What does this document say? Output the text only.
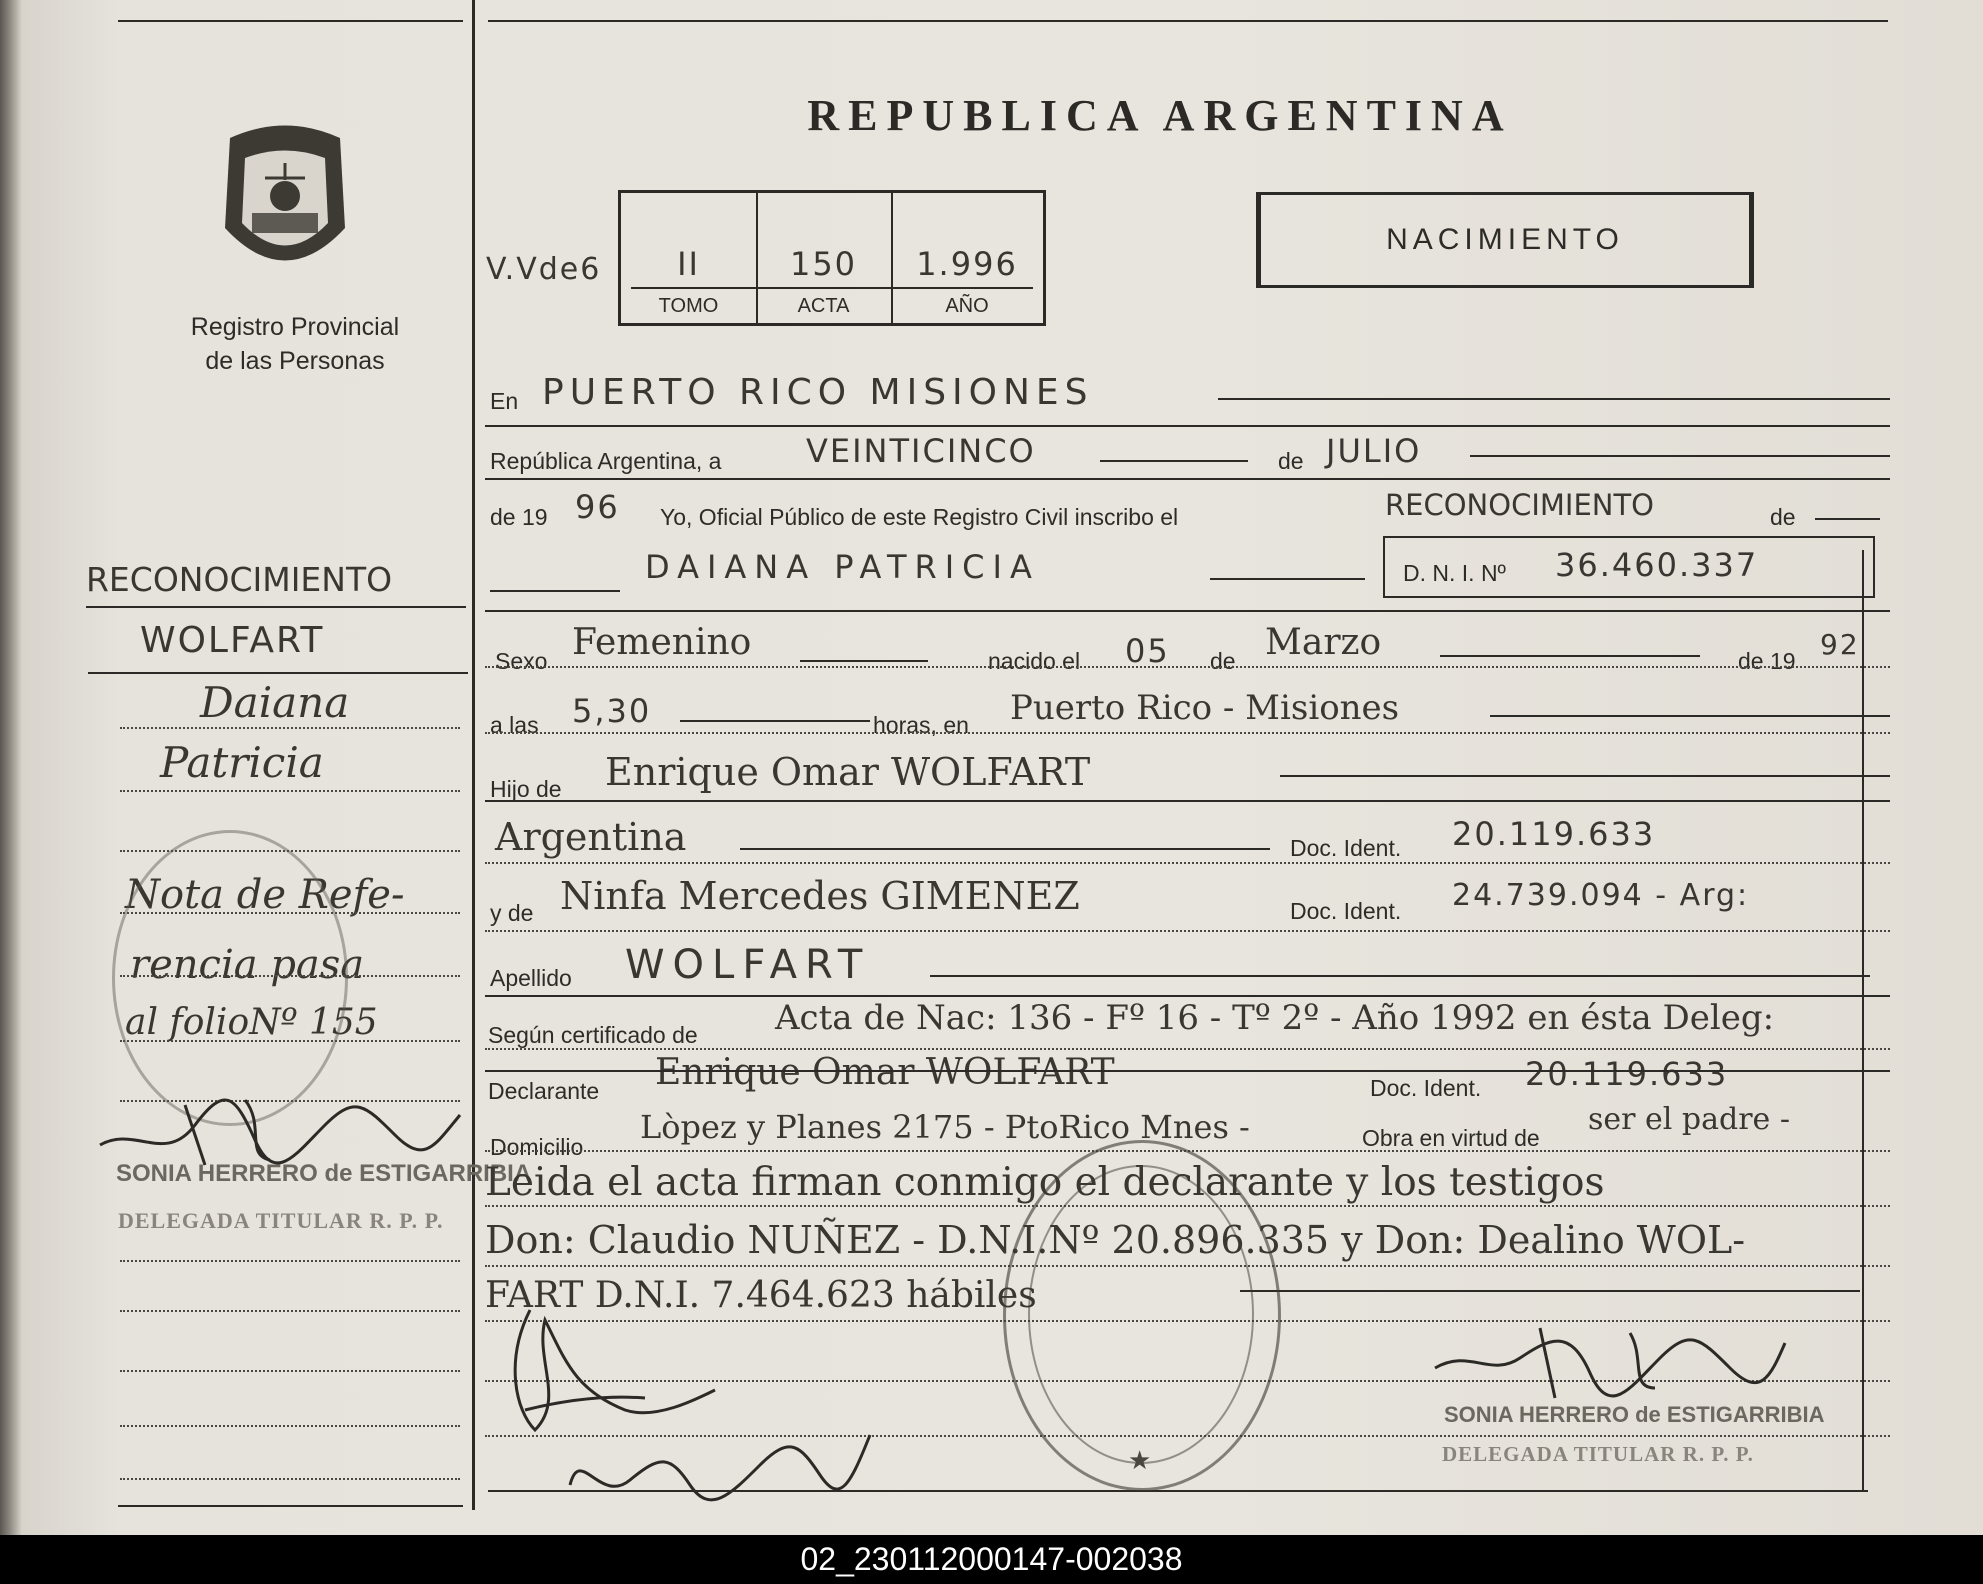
Registro Provincial
de las Personas
REPUBLICA ARGENTINA
V.Vde6	II	150	1.996
TOMO	ACTA	AÑO
NACIMIENTO
RECONOCIMIENTO
WOLFART
Daiana
Patricia
Nota de Refe-
rencia pasa
al folioNº 155
SONIA HERRERO de ESTIGARRIBIA
DELEGADA TITULAR R. P. P.
En PUERTO RICO MISIONES
República Argentina, a	VEINTICINCO	de JULIO
de 19 96 Yo, Oficial Público de este Registro Civil inscribo el	RECONOCIMIENTO	de
DAIANA PATRICIA	D. N. I. Nº 36.460.337
Sexo Femenino	nacido el 05 de Marzo	de 19 92
a las 5,30	horas, en Puerto Rico - Misiones
Hijo de Enrique Omar WOLFART
Argentina	Doc. Ident. 20.119.633
y de Ninfa Mercedes GIMENEZ	Doc. Ident. 24.739.094 - Arg:
Apellido WOLFART
Según certificado de Acta de Nac: 136 - Fº 16 - Tº 2º - Año 1992 en ésta Deleg:
Declarante Enrique Omar WOLFART	Doc. Ident. 20.119.633
Domicilio
Lòpez y Planes 2175 - PtoRico Mnes -	Obra en virtud de
ser el padre -
Leida el acta firman conmigo el declarante y los testigos
Don: Claudio NUÑEZ - D.N.I.Nº 20.896.335 y Don: Dealino WOL-
FART D.N.I. 7.464.623 hábiles
★
SONIA HERRERO de ESTIGARRIBIA
DELEGADA TITULAR R. P. P.
02_230112000147-002038
